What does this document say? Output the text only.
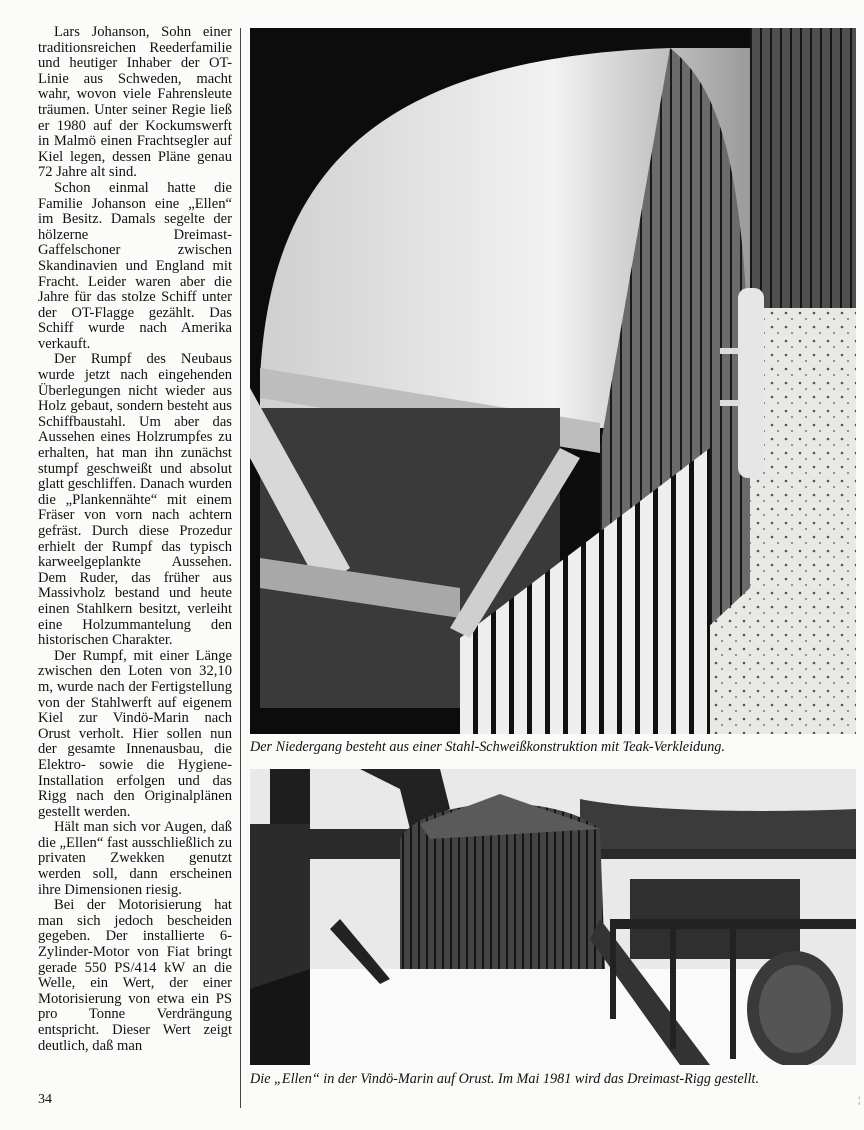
Lars Johanson, Sohn einer traditionsreichen Reederfamilie und heutiger Inhaber der OT-Linie aus Schweden, macht wahr, wovon viele Fahrensleute träumen. Unter seiner Regie ließ er 1980 auf der Kockumswerft in Malmö einen Frachtsegler auf Kiel legen, dessen Pläne genau 72 Jahre alt sind.

Schon einmal hatte die Familie Johanson eine „Ellen“ im Besitz. Damals segelte der hölzerne Dreimast-Gaffelschoner zwischen Skandinavien und England mit Fracht. Leider waren aber die Jahre für das stolze Schiff unter der OT-Flagge gezählt. Das Schiff wurde nach Amerika verkauft.

Der Rumpf des Neubaus wurde jetzt nach eingehenden Überlegungen nicht wieder aus Holz gebaut, sondern besteht aus Schiffbaustahl. Um aber das Aussehen eines Holzrumpfes zu erhalten, hat man ihn zunächst stumpf geschweißt und absolut glatt geschliffen. Danach wurden die „Plankennähte“ mit einem Fräser von vorn nach achtern gefräst. Durch diese Prozedur erhielt der Rumpf das typisch karweelgeplankte Aussehen. Dem Ruder, das früher aus Massivholz bestand und heute einen Stahlkern besitzt, verleiht eine Holzummantelung den historischen Charakter.

Der Rumpf, mit einer Länge zwischen den Loten von 32,10 m, wurde nach der Fertigstellung von der Stahlwerft auf eigenem Kiel zur Vindö-Marin nach Orust verholt. Hier sollen nun der gesamte Innenausbau, die Elektro- sowie die Hygiene-Installation erfolgen und das Rigg nach den Originalplänen gestellt werden.

Hält man sich vor Augen, daß die „Ellen“ fast ausschließlich zu privaten Zwekken genutzt werden soll, dann erscheinen ihre Dimensionen riesig.

Bei der Motorisierung hat man sich jedoch bescheiden gegeben. Der installierte 6-Zylinder-Motor von Fiat bringt gerade 550 PS/414 kW an die Welle, ein Wert, der einer Motorisierung von etwa ein PS pro Tonne Verdrängung entspricht. Dieser Wert zeigt deutlich, daß man

Der Niedergang besteht aus einer Stahl-Schweißkonstruktion mit Teak-Verkleidung.
Die „Ellen“ in der Vindö-Marin auf Orust. Im Mai 1981 wird das Dreimast-Rigg gestellt.
34	¦
